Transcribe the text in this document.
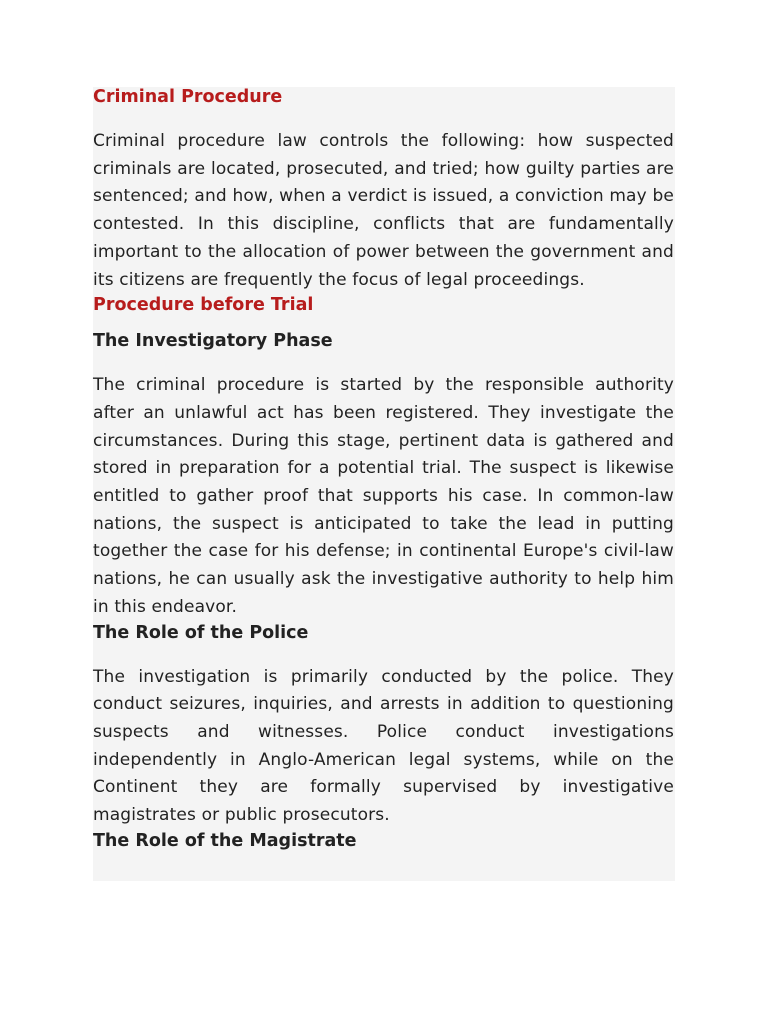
Criminal Procedure

Criminal procedure law controls the following: how suspected criminals are located, prosecuted, and tried; how guilty parties are sentenced; and how, when a verdict is issued, a conviction may be contested. In this discipline, conflicts that are fundamentally important to the allocation of power between the government and its citizens are frequently the focus of legal proceedings.

Procedure before Trial
The Investigatory Phase

The criminal procedure is started by the responsible authority after an unlawful act has been registered. They investigate the circumstances. During this stage, pertinent data is gathered and stored in preparation for a potential trial. The suspect is likewise entitled to gather proof that supports his case. In common-law nations, the suspect is anticipated to take the lead in putting together the case for his defense; in continental Europe's civil-law nations, he can usually ask the investigative authority to help him in this endeavor.

The Role of the Police

The investigation is primarily conducted by the police. They conduct seizures, inquiries, and arrests in addition to questioning suspects and witnesses. Police conduct investigations independently in Anglo-American legal systems, while on the Continent they are formally supervised by investigative magistrates or public prosecutors.

The Role of the Magistrate
